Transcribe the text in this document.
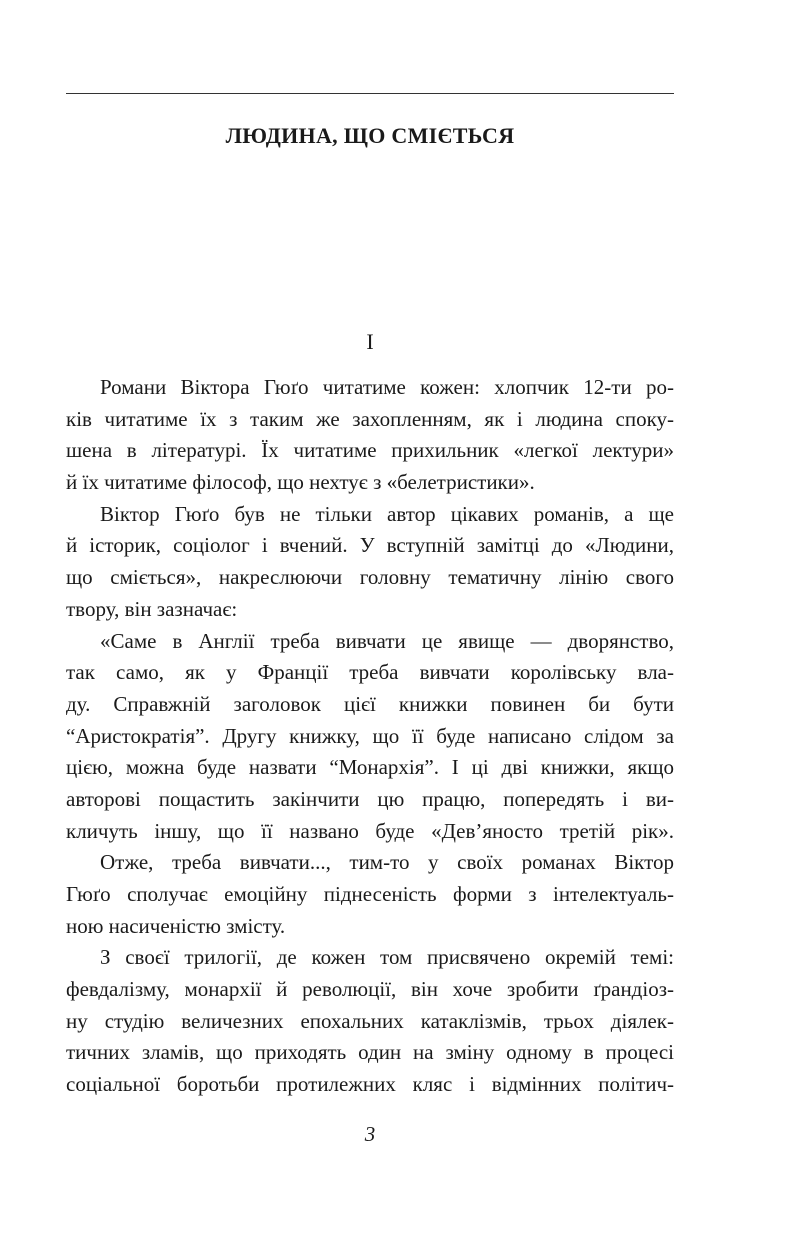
ЛЮДИНА, ЩО СМІЄТЬСЯ
I
Романи Віктора Гюґо читатиме кожен: хлопчик 12-ти ро-
ків читатиме їх з таким же захопленням, як і людина споку-
шена в літературі. Їх читатиме прихильник «легкої лектури»
й їх читатиме філософ, що нехтує з «белетристики».
Віктор Гюґо був не тільки автор цікавих романів, а ще
й історик, соціолог і вчений. У вступній замітці до «Людини,
що сміється», накреслюючи головну тематичну лінію свого
твору, він зазначає:
«Саме в Англії треба вивчати це явище — дворянство,
так само, як у Франції треба вивчати королівську вла-
ду. Справжній заголовок цієї книжки повинен би бути
“Аристократія”. Другу книжку, що її буде написано слідом за
цією, можна буде назвати “Монархія”. І ці дві книжки, якщо
авторові пощастить закінчити цю працю, попередять і ви-
кличуть іншу, що її названо буде «Дев’яносто третій рік».
Отже, треба вивчати..., тим-то у своїх романах Віктор
Гюґо сполучає емоційну піднесеність форми з інтелектуаль-
ною насиченістю змісту.
З своєї трилогії, де кожен том присвячено окремій темі:
февдалізму, монархії й революції, він хоче зробити ґрандіоз-
ну студію величезних епохальних катаклізмів, трьох діялек-
тичних зламів, що приходять один на зміну одному в процесі
соціальної боротьби протилежних кляс і відмінних політич-
3
